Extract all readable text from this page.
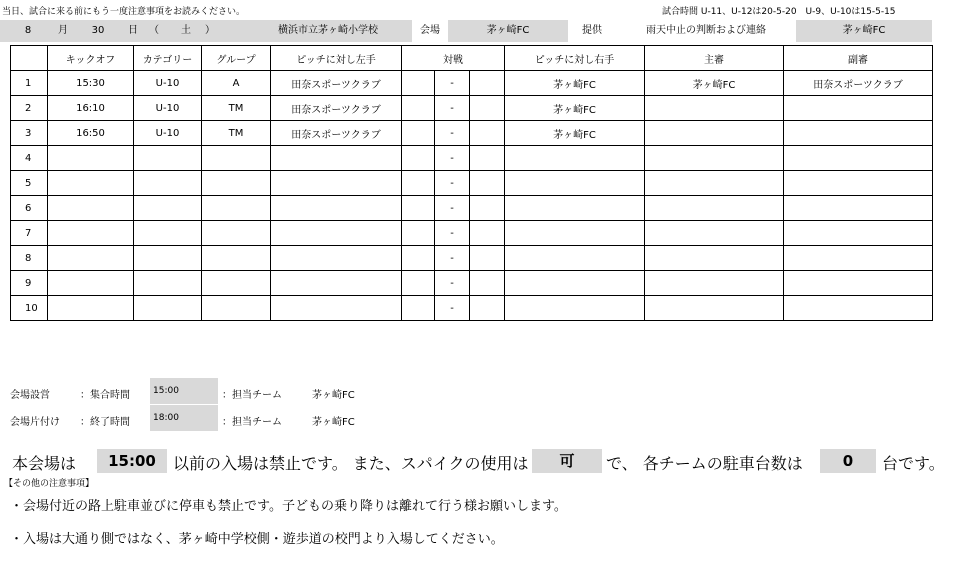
当日、試合に来る前にもう一度注意事項をお読みください。	試合時間 U-11、U-12は20-5-20　U-9、U-10は15-5-15
8	月	30	日	（	土	）	横浜市立茅ヶ崎小学校	会場	茅ヶ崎FC	提供	雨天中止の判断および連絡	茅ヶ崎FC
	キックオフ	カテゴリー	グループ	ピッチに対し左手	対戦			ピッチに対し右手	主審	副審
1	15:30	U-10	A	田奈スポーツクラブ		-		茅ヶ崎FC	茅ヶ崎FC	田奈スポーツクラブ
2	16:10	U-10	TM	田奈スポーツクラブ		-		茅ヶ崎FC		
3	16:50	U-10	TM	田奈スポーツクラブ		-		茅ヶ崎FC		
4						-				
5						-				
6						-				
7						-				
8						-				
9						-				
10						-				
会場設営	：集合時間	15:00	：担当チーム	茅ヶ崎FC
会場片付け ：終了時間	18:00	：担当チーム	茅ヶ崎FC
本会場は	15:00	以前の入場は禁止です。 また、スパイクの使用は	可	で、 各チームの駐車台数は	0	台です。
【その他の注意事項】
・会場付近の路上駐車並びに停車も禁止です。子どもの乗り降りは離れて行う様お願いします。
・入場は大通り側ではなく、茅ヶ崎中学校側・遊歩道の校門より入場してください。
